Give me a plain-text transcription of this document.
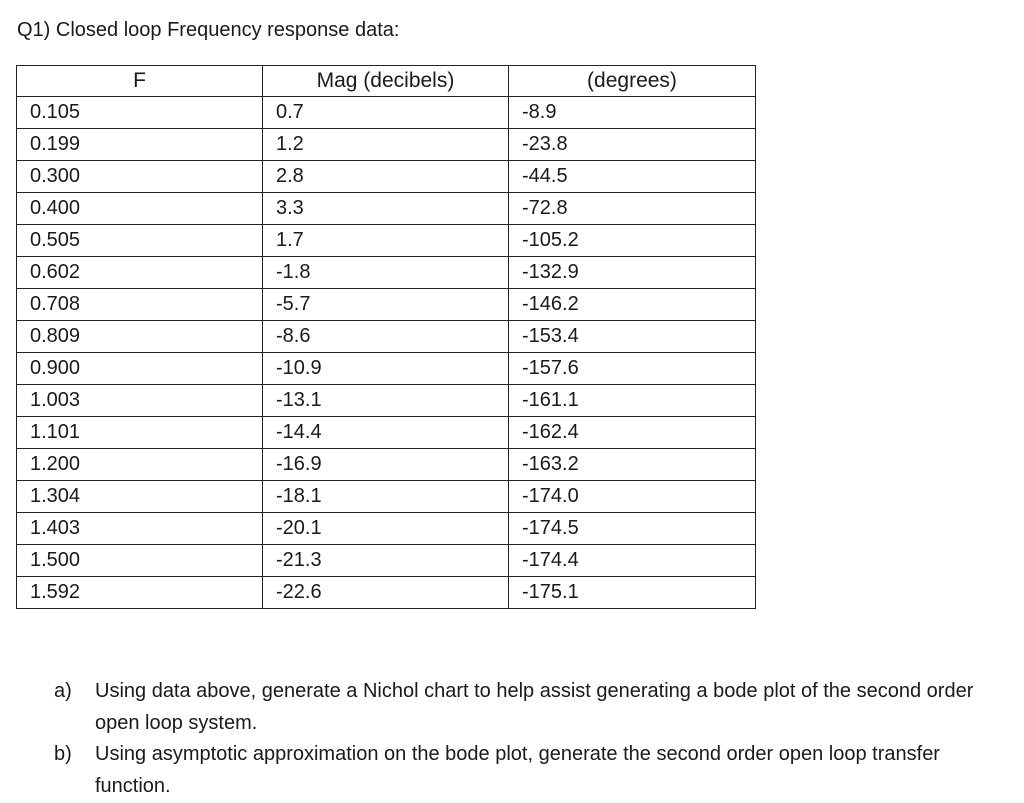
Q1) Closed loop Frequency response data:
F	Mag (decibels)	(degrees)
0.105	0.7	-8.9
0.199	1.2	-23.8
0.300	2.8	-44.5
0.400	3.3	-72.8
0.505	1.7	-105.2
0.602	-1.8	-132.9
0.708	-5.7	-146.2
0.809	-8.6	-153.4
0.900	-10.9	-157.6
1.003	-13.1	-161.1
1.101	-14.4	-162.4
1.200	-16.9	-163.2
1.304	-18.1	-174.0
1.403	-20.1	-174.5
1.500	-21.3	-174.4
1.592	-22.6	-175.1
a) Using data above, generate a Nichol chart to help assist generating a bode plot of the second order open loop system.
b) Using asymptotic approximation on the bode plot, generate the second order open loop transfer function.
